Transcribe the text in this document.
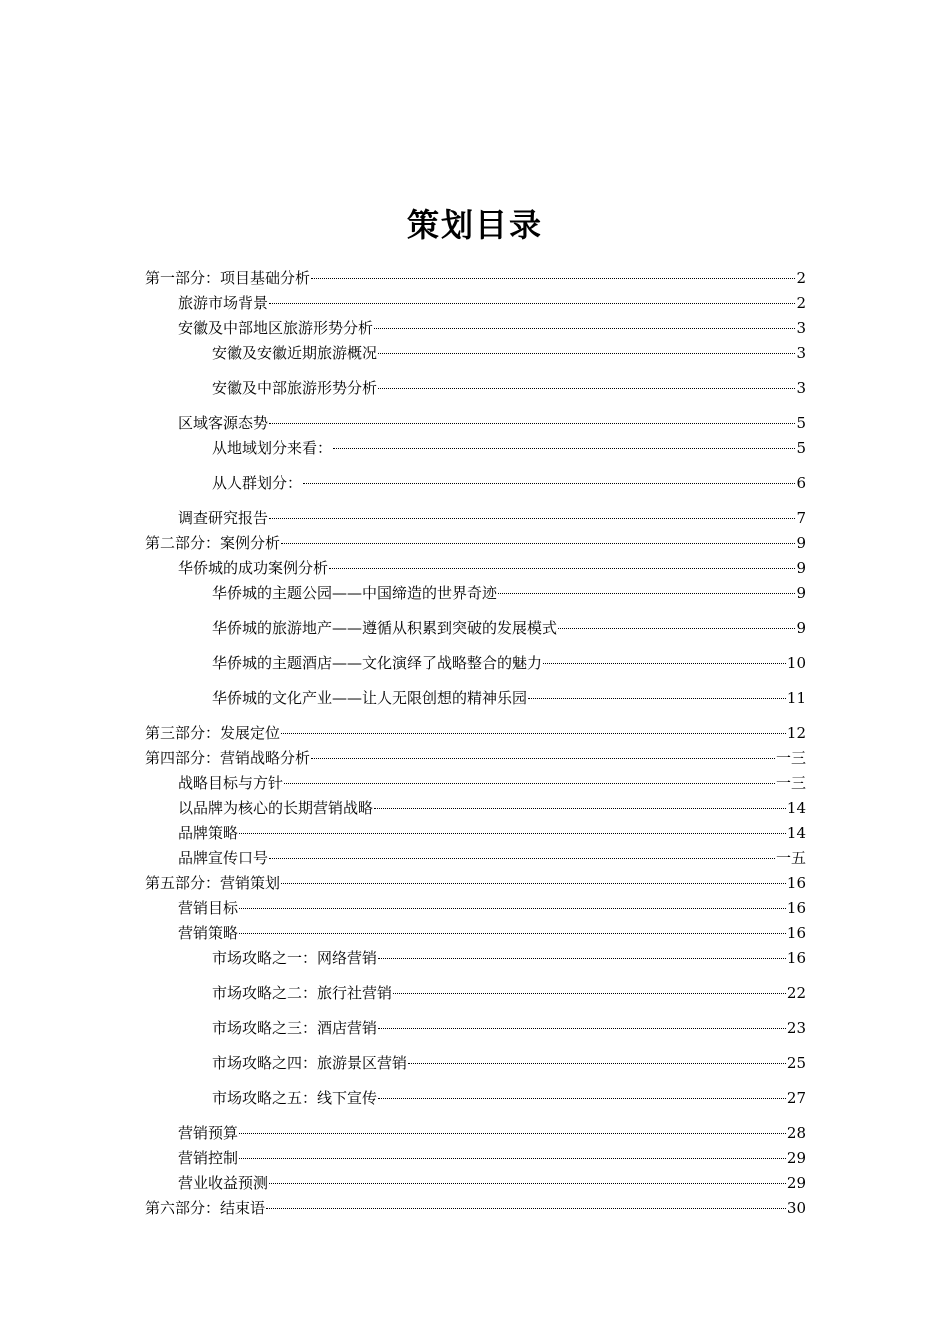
策划目录
第一部分：项目基础分析	2
旅游市场背景	2
安徽及中部地区旅游形势分析	3
安徽及安徽近期旅游概况	3
安徽及中部旅游形势分析	3
区域客源态势	5
从地域划分来看：	5
从人群划分：	6
调查研究报告	7
第二部分：案例分析	9
华侨城的成功案例分析	9
华侨城的主题公园——中国缔造的世界奇迹	9
华侨城的旅游地产——遵循从积累到突破的发展模式	9
华侨城的主题酒店——文化演绎了战略整合的魅力	10
华侨城的文化产业——让人无限创想的精神乐园	11
第三部分：发展定位	12
第四部分：营销战略分析	一三
战略目标与方针	一三
以品牌为核心的长期营销战略	14
品牌策略	14
品牌宣传口号	一五
第五部分：营销策划	16
营销目标	16
营销策略	16
市场攻略之一：网络营销	16
市场攻略之二：旅行社营销	22
市场攻略之三：酒店营销	23
市场攻略之四：旅游景区营销	25
市场攻略之五：线下宣传	27
营销预算	28
营销控制	29
营业收益预测	29
第六部分：结束语	30
